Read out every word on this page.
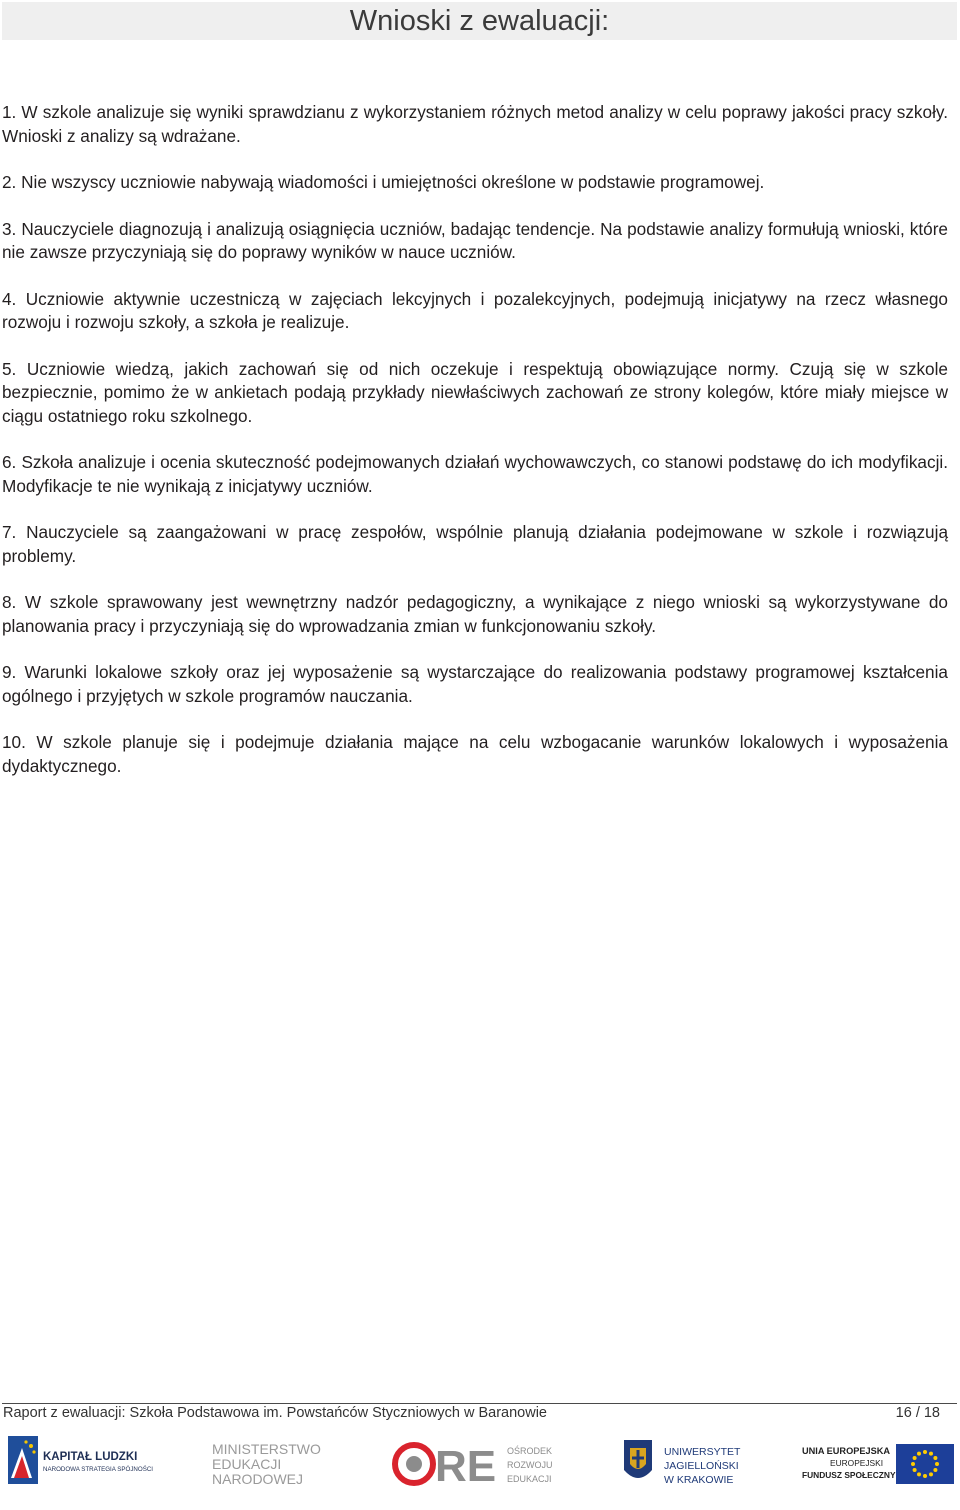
Wnioski z ewaluacji:
1. W szkole analizuje się wyniki sprawdzianu z wykorzystaniem różnych metod analizy w celu poprawy jakości pracy szkoły. Wnioski z analizy są wdrażane.
2. Nie wszyscy uczniowie nabywają wiadomości i umiejętności określone w podstawie programowej.
3. Nauczyciele diagnozują i analizują osiągnięcia uczniów, badając tendencje. Na podstawie analizy formułują wnioski, które nie zawsze przyczyniają się do poprawy wyników w nauce uczniów.
4. Uczniowie aktywnie uczestniczą w zajęciach lekcyjnych i pozalekcyjnych, podejmują inicjatywy na rzecz własnego rozwoju i rozwoju szkoły, a szkoła je realizuje.
5. Uczniowie wiedzą, jakich zachowań się od nich oczekuje i respektują obowiązujące normy. Czują się w szkole bezpiecznie, pomimo że w ankietach podają przykłady niewłaściwych zachowań ze strony kolegów, które miały miejsce w ciągu ostatniego roku szkolnego.
6. Szkoła analizuje i ocenia skuteczność podejmowanych działań wychowawczych, co stanowi podstawę do ich modyfikacji. Modyfikacje te nie wynikają z inicjatywy uczniów.
7. Nauczyciele są zaangażowani w pracę zespołów, wspólnie planują działania podejmowane w szkole i rozwiązują problemy.
8. W szkole sprawowany jest wewnętrzny nadzór pedagogiczny, a wynikające z niego wnioski są wykorzystywane do planowania pracy i przyczyniają się do wprowadzania zmian w funkcjonowaniu szkoły.
9. Warunki lokalowe szkoły oraz jej wyposażenie są wystarczające do realizowania podstawy programowej kształcenia ogólnego i przyjętych w szkole programów nauczania.
10. W szkole planuje się i podejmuje działania mające na celu wzbogacanie warunków lokalowych i wyposażenia dydaktycznego.
Raport z ewaluacji: Szkoła Podstawowa im. Powstańców Styczniowych w Baranowie	16 / 18
KAPITAŁ LUDZKI
NARODOWA STRATEGIA SPÓJNOŚCI
MINISTERSTWO
EDUKACJI
NARODOWEJ	RE OŚRODEK
ROZWOJU
EDUKACJI
UNIWERSYTET
JAGIELLOŃSKI
W KRAKOWIE
UNIA EUROPEJSKA
EUROPEJSKI
FUNDUSZ SPOŁECZNY
